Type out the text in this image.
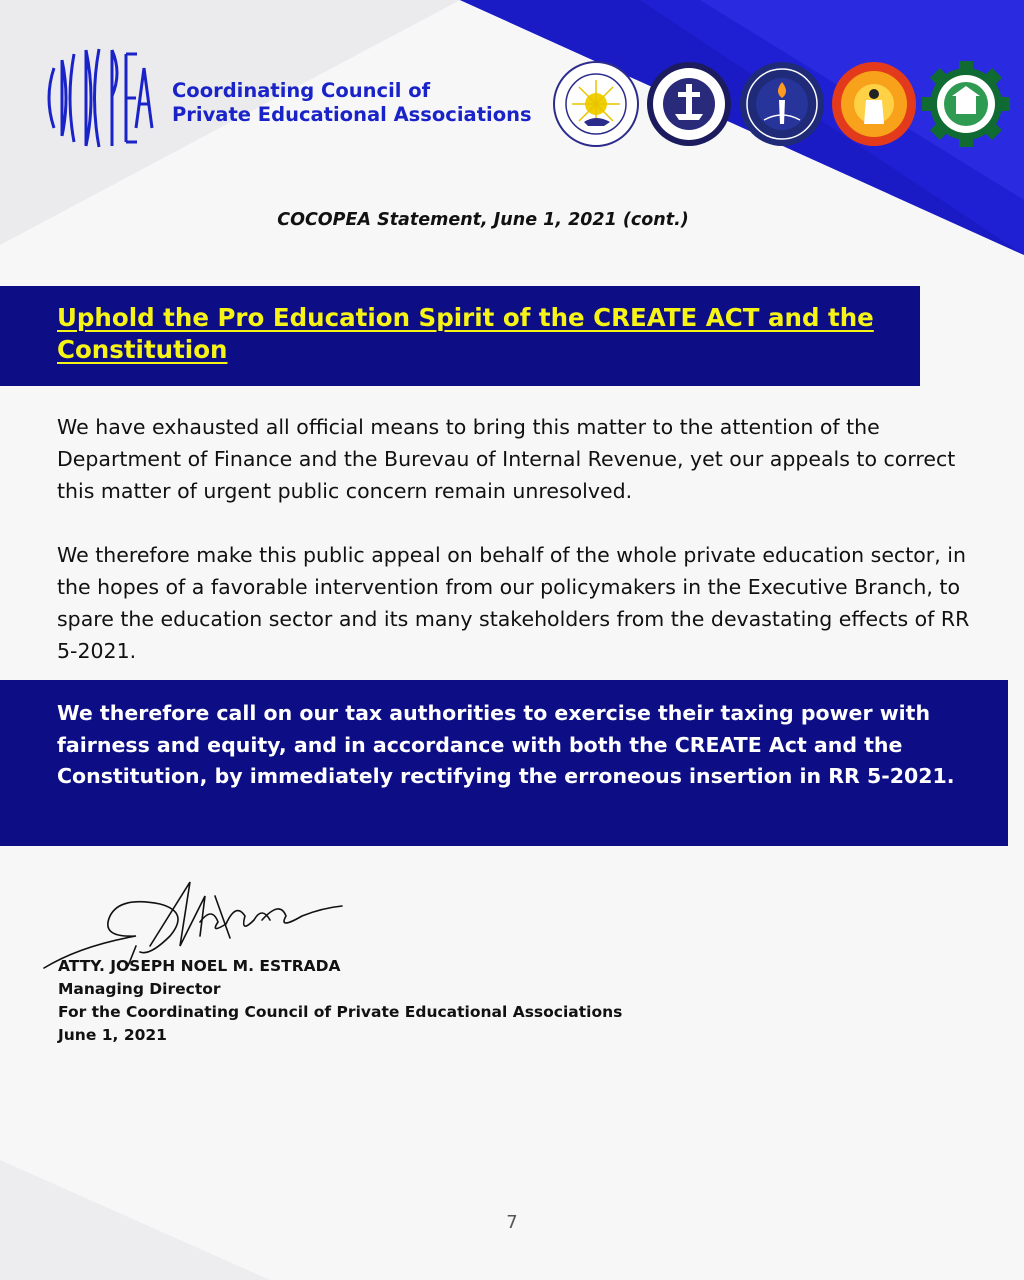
Coordinating Council of
Private Educational Associations
COCOPEA Statement, June 1, 2021 (cont.)
Uphold the Pro Education Spirit of the CREATE ACT and the Constitution
We have exhausted all official means to bring this matter to the attention of the Department of Finance and the Burevau of Internal Revenue, yet our appeals to correct this matter of urgent public concern remain unresolved.
We therefore make this public appeal on behalf of the whole private education sector, in the hopes of a favorable intervention from our policymakers in the Executive Branch, to spare the education sector and its many stakeholders from the devastating effects of RR 5-2021.
We therefore call on our tax authorities to exercise their taxing power with fairness and equity, and in accordance with both the CREATE Act and the Constitution, by immediately rectifying the erroneous insertion in RR 5-2021.
ATTY. JOSEPH NOEL M. ESTRADA
Managing Director
For the Coordinating Council of Private Educational Associations
June 1, 2021
7
